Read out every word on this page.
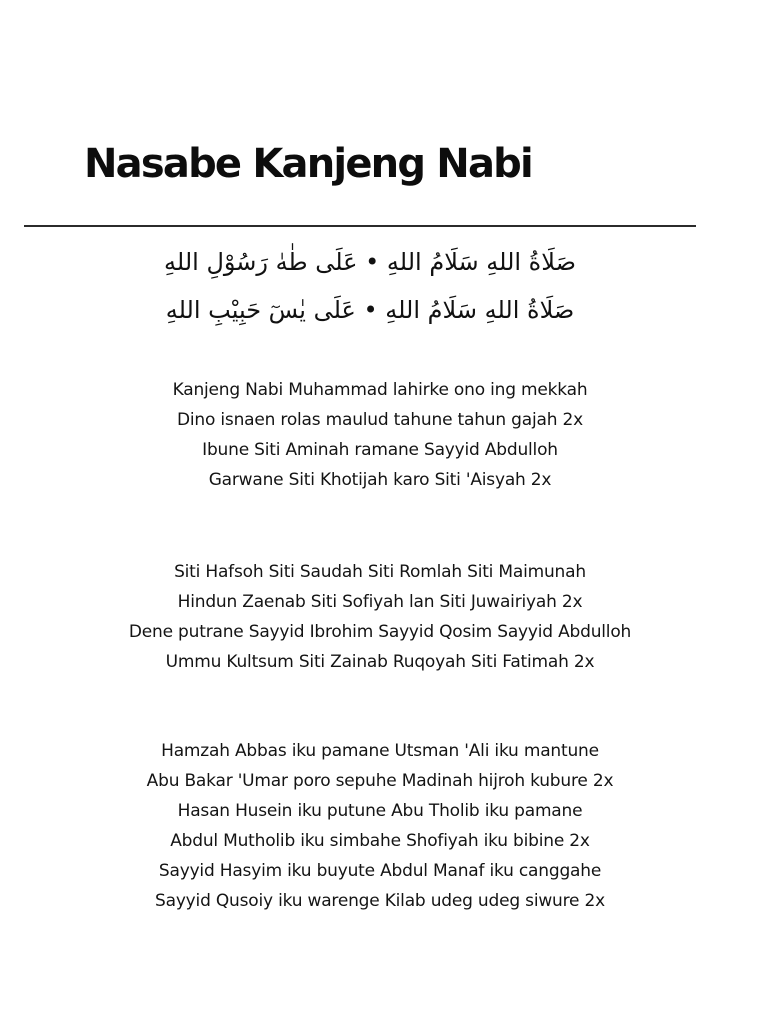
Nasabe Kanjeng Nabi
صَلَاةُ اللهِ سَلَامُ اللهِ • عَلَى طٰهٰ رَسُوْلِ اللهِ
صَلَاةُ اللهِ سَلَامُ اللهِ • عَلَى يٰسٓ حَبِيْبِ اللهِ
Kanjeng Nabi Muhammad lahirke ono ing mekkah
Dino isnaen rolas maulud tahune tahun gajah 2x
Ibune Siti Aminah ramane Sayyid Abdulloh
Garwane Siti Khotijah karo Siti 'Aisyah 2x
Siti Hafsoh Siti Saudah Siti Romlah Siti Maimunah
Hindun Zaenab Siti Sofiyah lan Siti Juwairiyah 2x
Dene putrane Sayyid Ibrohim Sayyid Qosim Sayyid Abdulloh
Ummu Kultsum Siti Zainab Ruqoyah Siti Fatimah 2x
Hamzah Abbas iku pamane Utsman 'Ali iku mantune
Abu Bakar 'Umar poro sepuhe Madinah hijroh kubure 2x
Hasan Husein iku putune Abu Tholib iku pamane
Abdul Mutholib iku simbahe Shofiyah iku bibine 2x
Sayyid Hasyim iku buyute Abdul Manaf iku canggahe
Sayyid Qusoiy iku warenge Kilab udeg udeg siwure 2x
